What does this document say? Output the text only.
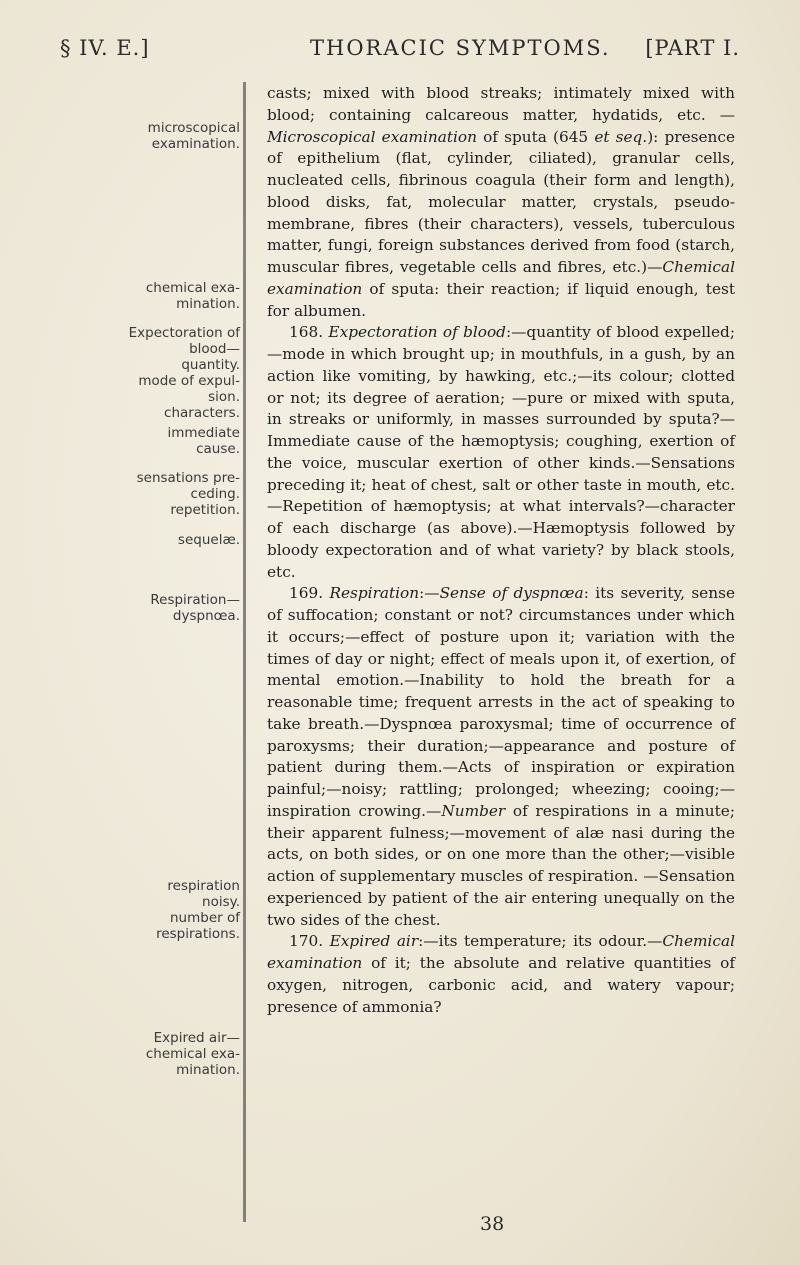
§ IV. E.]	THORACIC SYMPTOMS. [PART I.
microscopical
examination.
chemical exa-
mination.
Expectoration of
blood—
quantity.
mode of expul-
sion.
characters.
immediate
cause.
sensations pre-
ceding.
repetition.
sequelæ.
Respiration—
dyspnœa.
respiration
noisy.
number of
respirations.
Expired air—
chemical exa-
mination.

casts; mixed with blood streaks; intimately mixed with blood; containing calcareous matter, hydatids, etc. —Microscopical examination of sputa (645 et seq.): presence of epithelium (flat, cylinder, ciliated), granular cells, nucleated cells, fibrinous coagula (their form and length), blood disks, fat, molecular matter, crystals, pseudo-membrane, fibres (their characters), vessels, tuberculous matter, fungi, foreign substances derived from food (starch, muscular fibres, vegetable cells and fibres, etc.)—Chemical examination of sputa: their reaction; if liquid enough, test for albumen.

168. Expectoration of blood:—quantity of blood expelled;—mode in which brought up; in mouthfuls, in a gush, by an action like vomiting, by hawking, etc.;—its colour; clotted or not; its degree of aeration; —pure or mixed with sputa, in streaks or uniformly, in masses surrounded by sputa?—Immediate cause of the hæmoptysis; coughing, exertion of the voice, muscular exertion of other kinds.—Sensations preceding it; heat of chest, salt or other taste in mouth, etc.—Repetition of hæmoptysis; at what intervals?—character of each discharge (as above).—Hæmoptysis followed by bloody expectoration and of what variety? by black stools, etc.

169. Respiration:—Sense of dyspnœa: its severity, sense of suffocation; constant or not? circumstances under which it occurs;—effect of posture upon it; variation with the times of day or night; effect of meals upon it, of exertion, of mental emotion.—Inability to hold the breath for a reasonable time; frequent arrests in the act of speaking to take breath.—Dyspnœa paroxysmal; time of occurrence of paroxysms; their duration;—appearance and posture of patient during them.—Acts of inspiration or expiration painful;—noisy; rattling; prolonged; wheezing; cooing;—inspiration crowing.—Number of respirations in a minute; their apparent fulness;—movement of alæ nasi during the acts, on both sides, or on one more than the other;—visible action of supplementary muscles of respiration. —Sensation experienced by patient of the air entering unequally on the two sides of the chest.

170. Expired air:—its temperature; its odour.—Chemical examination of it; the absolute and relative quantities of oxygen, nitrogen, carbonic acid, and watery vapour; presence of ammonia?

38
